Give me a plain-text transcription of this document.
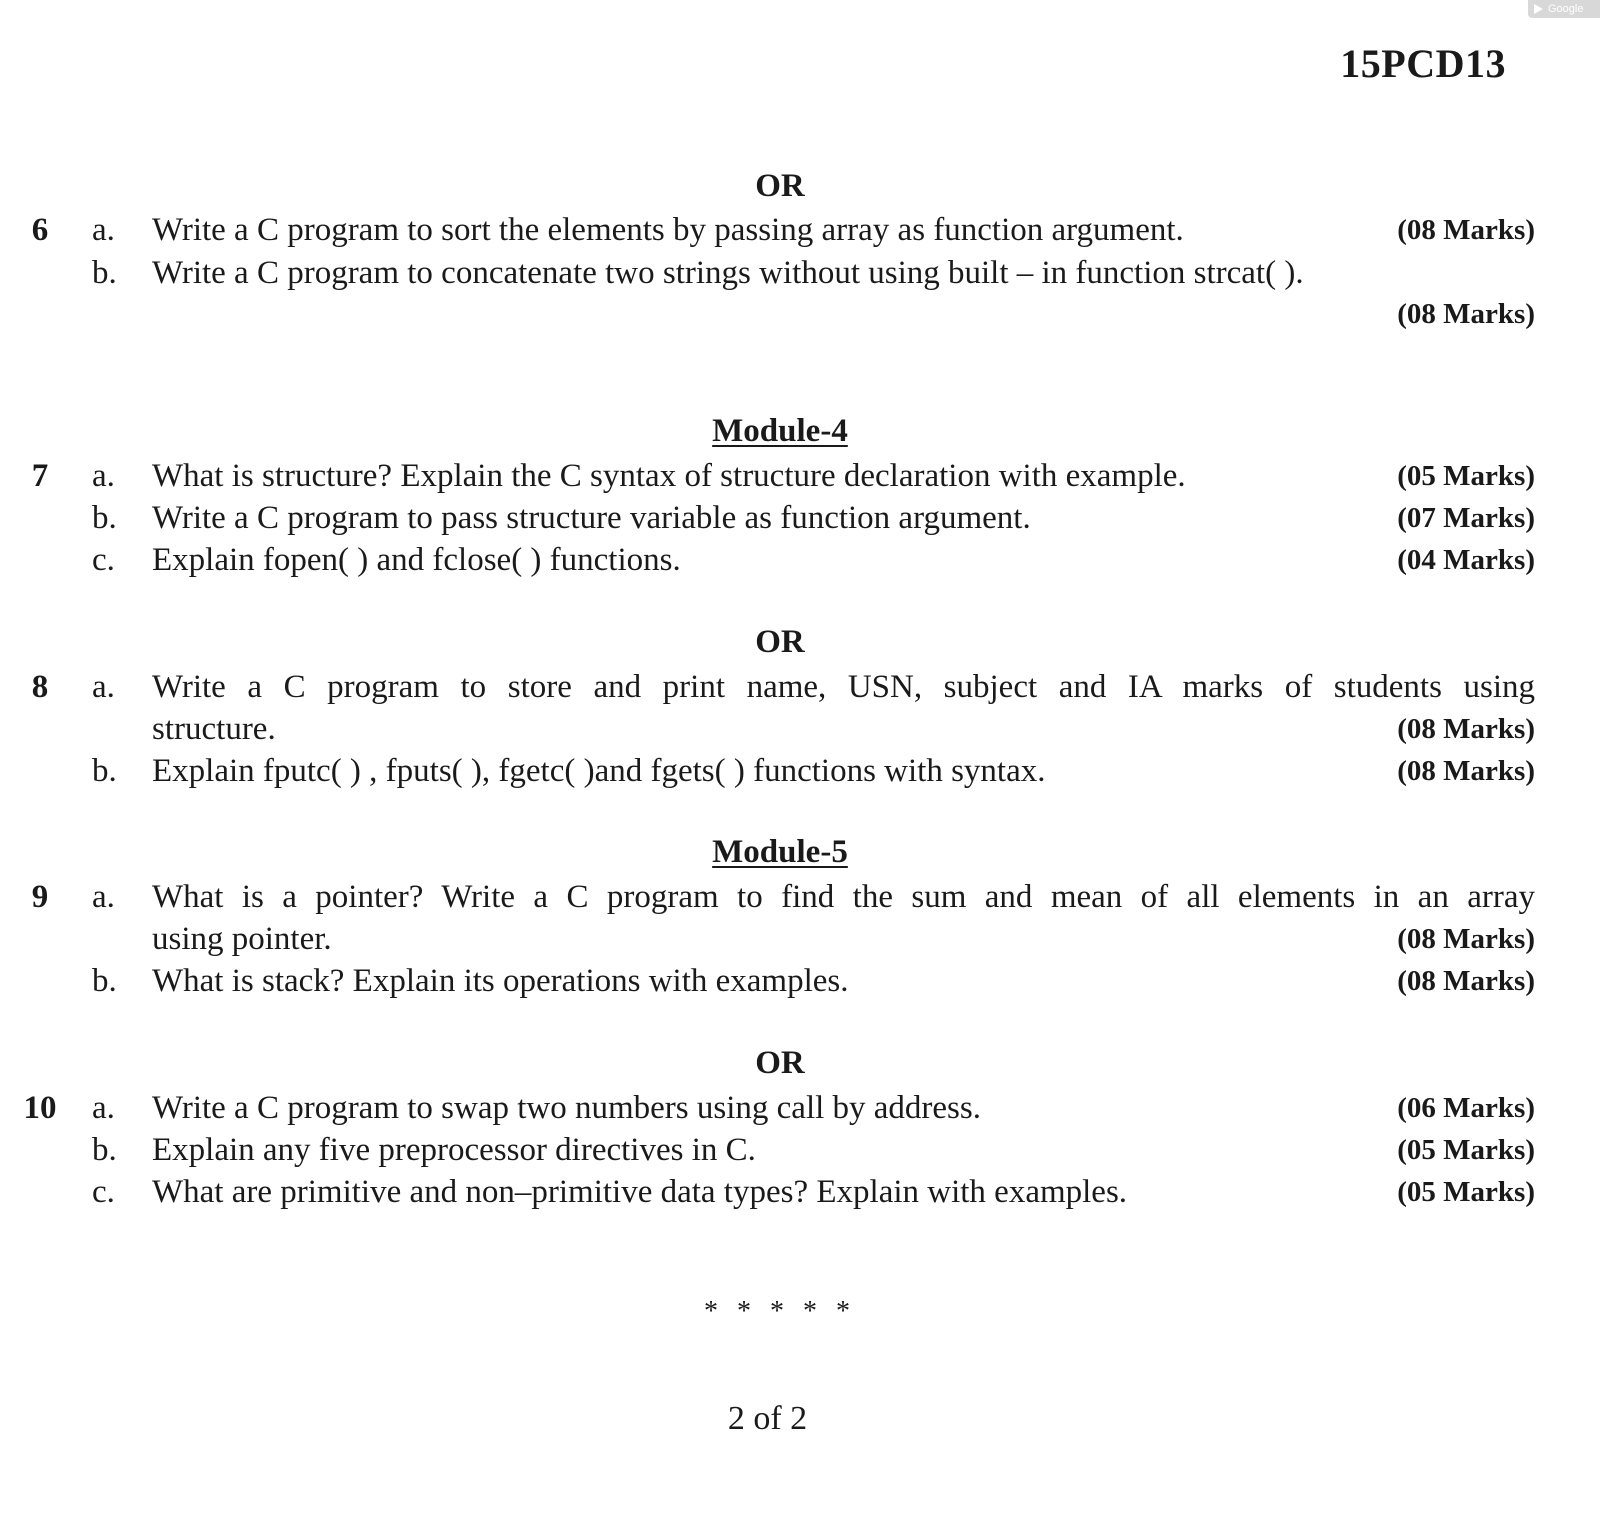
Google
15PCD13
OR
6	a. Write a C program to sort the elements by passing array as function argument.	(08 Marks)
b. Write a C program to concatenate two strings without using built – in function strcat( ).
(08 Marks)
Module-4
7	a. What is structure? Explain the C syntax of structure declaration with example.	(05 Marks)
b. Write a C program to pass structure variable as function argument.	(07 Marks)
c. Explain fopen( ) and fclose( ) functions.	(04 Marks)
OR
8	a. Write a C program to store and print name, USN, subject and IA marks of students using
structure.	(08 Marks)
b. Explain fputc( ) , fputs( ), fgetc( )and fgets( ) functions with syntax.	(08 Marks)
Module-5
9	a. What is a pointer? Write a C program to find the sum and mean of all elements in an array
using pointer.	(08 Marks)
b. What is stack? Explain its operations with examples.	(08 Marks)
OR
10 a. Write a C program to swap two numbers using call by address.	(06 Marks)
b. Explain any five preprocessor directives in C.	(05 Marks)
c. What are primitive and non–primitive data types? Explain with examples.	(05 Marks)
* * * * *
2 of 2
